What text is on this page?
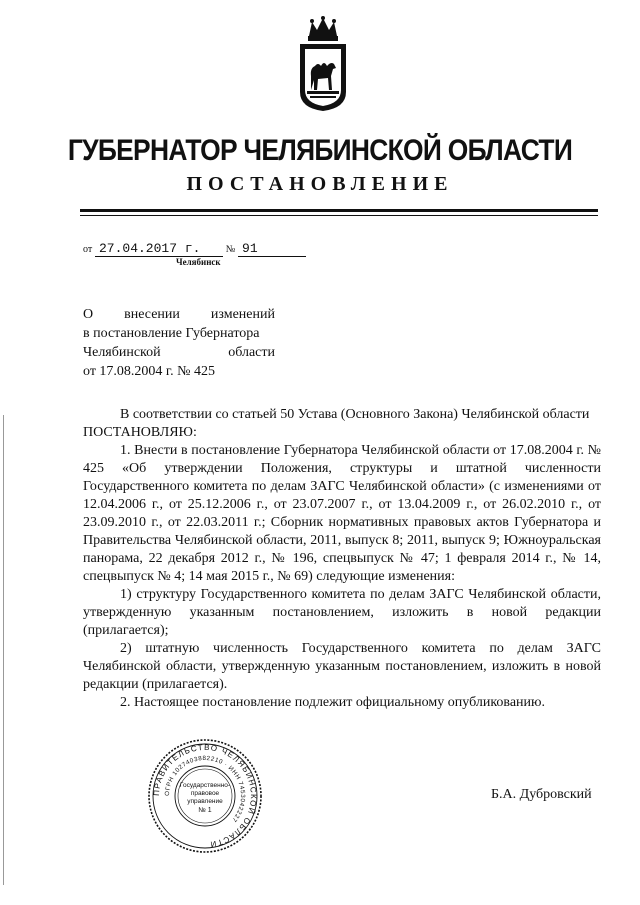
ГУБЕРНАТОР ЧЕЛЯБИНСКОЙ ОБЛАСТИ
ПОСТАНОВЛЕНИЕ
от 27.04.2017 г.	№ 91
Челябинск
О внесении изменений
в постановление Губернатора
Челябинской области
от 17.08.2004 г. № 425

В соответствии со статьей 50 Устава (Основного Закона) Челябинской области

ПОСТАНОВЛЯЮ:

1. Внести в постановление Губернатора Челябинской области от 17.08.2004 г. № 425 «Об утверждении Положения, структуры и штатной численности Государственного комитета по делам ЗАГС Челябинской области» (с изменениями от 12.04.2006 г., от 25.12.2006 г., от 23.07.2007 г., от 13.04.2009 г., от 26.02.2010 г., от 23.09.2010 г., от 22.03.2011 г.; Сборник нормативных правовых актов Губернатора и Правительства Челябинской области, 2011, выпуск 8; 2011, выпуск 9; Южноуральская панорама, 22 декабря 2012 г., № 196, спецвыпуск № 47; 1 февраля 2014 г., № 14, спецвыпуск № 4; 14 мая 2015 г., № 69) следующие изменения:

1) структуру Государственного комитета по делам ЗАГС Челябинской области, утвержденную указанным постановлением, изложить в новой редакции (прилагается);

2) штатную численность Государственного комитета по делам ЗАГС Челябинской области, утвержденную указанным постановлением, изложить в новой редакции (прилагается).

2. Настоящее постановление подлежит официальному опубликованию.

ПРАВИТЕЛЬСТВО ЧЕЛЯБИНСКОЙ ОБЛАСТИ
ОГРН 1027403882210 · ИНН 7453042227
Государственно-
правовое
управление
№ 1
Б.А. Дубровский
